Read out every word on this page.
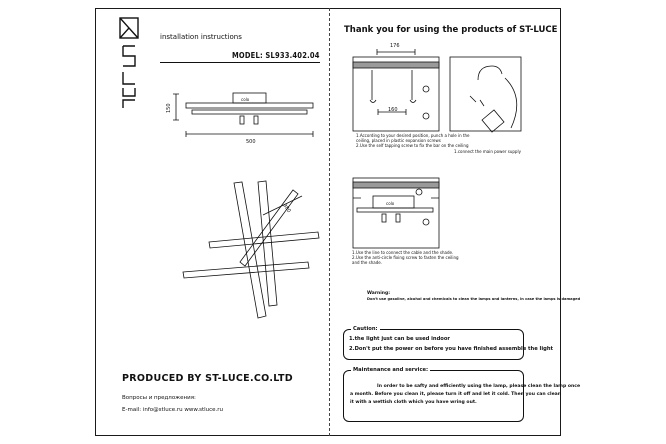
installation instructions
MODEL: SL933.402.04
Thank you for using the products of ST-LUCE
150
500
980
176
160
сolo
сolo
1.According to your desired position, punch a hole in the
ceiling, placed in plastic expansion screws
2.Use the self tapping screw to fix the bar on the ceiling
1.connect the main power supply
1.Use the line to connect the cable and the shade.
2.Use the anti-circle fixing screw to fasten the ceiling
and the shade.
Warning:
Don't use gasoline, alcohol and chemicals to clean the lamps and lanterns, in case the lamps is damaged
Caution:
1.the light just can be used indoor
2.Don't put the power on before you have finished assemble the light
Maintenance and service:
In order to be safty and efficiently using the lamp, please clean the lamp once
a month. Before you clean it, please turn it off and let it cold. Then you can clean
it with a wettish cloth which you have wring out.
PRODUCED BY ST-LUCE.CO.LTD
Вопросы и предложения:
E-mail: info@stluce.ru www.stluce.ru
